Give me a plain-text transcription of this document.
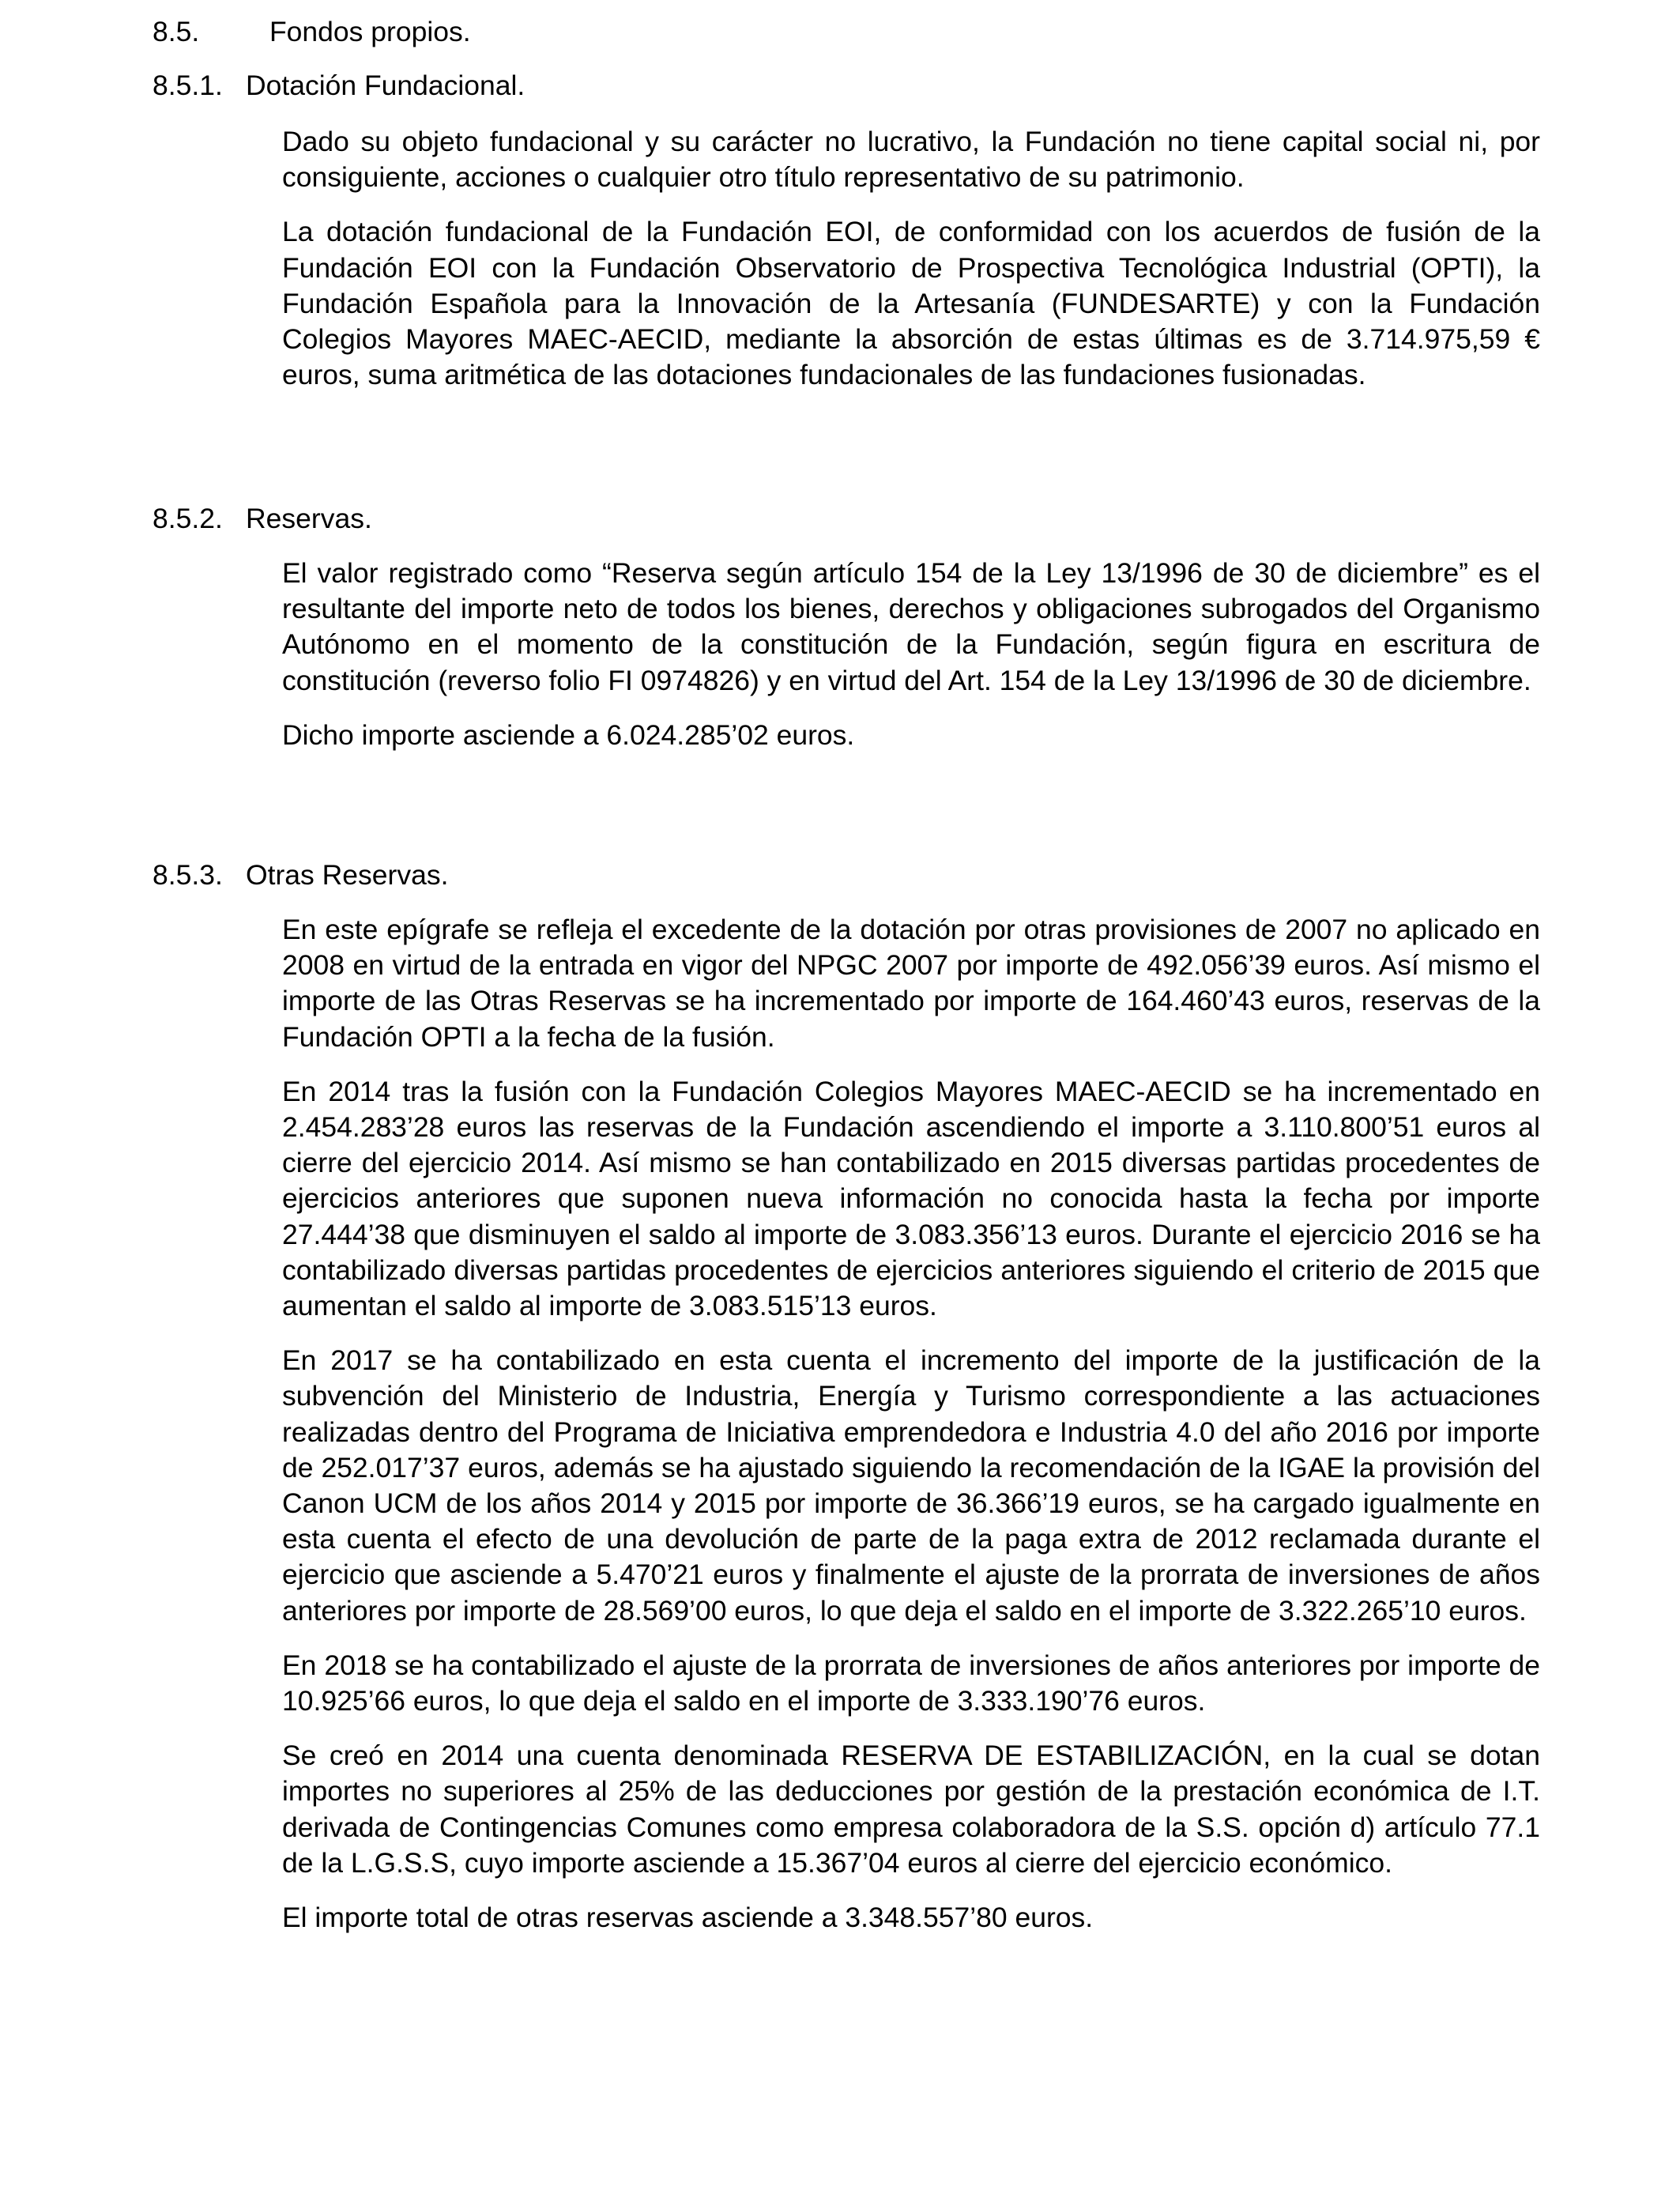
8.5.	Fondos propios.
8.5.1. Dotación Fundacional.

Dado su objeto fundacional y su carácter no lucrativo, la Fundación no tiene capital social ni, por consiguiente, acciones o cualquier otro título representativo de su patrimonio.

La dotación fundacional de la Fundación EOI, de conformidad con los acuerdos de fusión de la Fundación EOI con la Fundación Observatorio de Prospectiva Tecnológica Industrial (OPTI), la Fundación Española para la Innovación de la Artesanía (FUNDESARTE) y con la Fundación Colegios Mayores MAEC-AECID, mediante la absorción de estas últimas es de 3.714.975,59 € euros, suma aritmética de las dotaciones fundacionales de las fundaciones fusionadas.

8.5.2. Reservas.

El valor registrado como “Reserva según artículo 154 de la Ley 13/1996 de 30 de diciembre” es el resultante del importe neto de todos los bienes, derechos y obligaciones subrogados del Organismo Autónomo en el momento de la constitución de la Fundación, según figura en escritura de constitución (reverso folio FI 0974826) y en virtud del Art. 154 de la Ley 13/1996 de 30 de diciembre.

Dicho importe asciende a 6.024.285’02 euros.

8.5.3. Otras Reservas.

En este epígrafe se refleja el excedente de la dotación por otras provisiones de 2007 no aplicado en 2008 en virtud de la entrada en vigor del NPGC 2007 por importe de 492.056’39 euros. Así mismo el importe de las Otras Reservas se ha incrementado por importe de 164.460’43 euros, reservas de la Fundación OPTI a la fecha de la fusión.

En 2014 tras la fusión con la Fundación Colegios Mayores MAEC-AECID se ha incrementado en 2.454.283’28 euros las reservas de la Fundación ascendiendo el importe a 3.110.800’51 euros al cierre del ejercicio 2014. Así mismo se han contabilizado en 2015 diversas partidas procedentes de ejercicios anteriores que suponen nueva información no conocida hasta la fecha por importe 27.444’38 que disminuyen el saldo al importe de 3.083.356’13 euros. Durante el ejercicio 2016 se ha contabilizado diversas partidas procedentes de ejercicios anteriores siguiendo el criterio de 2015 que aumentan el saldo al importe de 3.083.515’13 euros.

En 2017 se ha contabilizado en esta cuenta el incremento del importe de la justificación de la subvención del Ministerio de Industria, Energía y Turismo correspondiente a las actuaciones realizadas dentro del Programa de Iniciativa emprendedora e Industria 4.0 del año 2016 por importe de 252.017’37 euros, además se ha ajustado siguiendo la recomendación de la IGAE la provisión del Canon UCM de los años 2014 y 2015 por importe de 36.366’19 euros, se ha cargado igualmente en esta cuenta el efecto de una devolución de parte de la paga extra de 2012 reclamada durante el ejercicio que asciende a 5.470’21 euros y finalmente el ajuste de la prorrata de inversiones de años anteriores por importe de 28.569’00 euros, lo que deja el saldo en el importe de 3.322.265’10 euros.

En 2018 se ha contabilizado el ajuste de la prorrata de inversiones de años anteriores por importe de 10.925’66 euros, lo que deja el saldo en el importe de 3.333.190’76 euros.

Se creó en 2014 una cuenta denominada RESERVA DE ESTABILIZACIÓN, en la cual se dotan importes no superiores al 25% de las deducciones por gestión de la prestación económica de I.T. derivada de Contingencias Comunes como empresa colaboradora de la S.S. opción d) artículo 77.1 de la L.G.S.S, cuyo importe asciende a 15.367’04 euros al cierre del ejercicio económico.

El importe total de otras reservas asciende a 3.348.557’80 euros.
